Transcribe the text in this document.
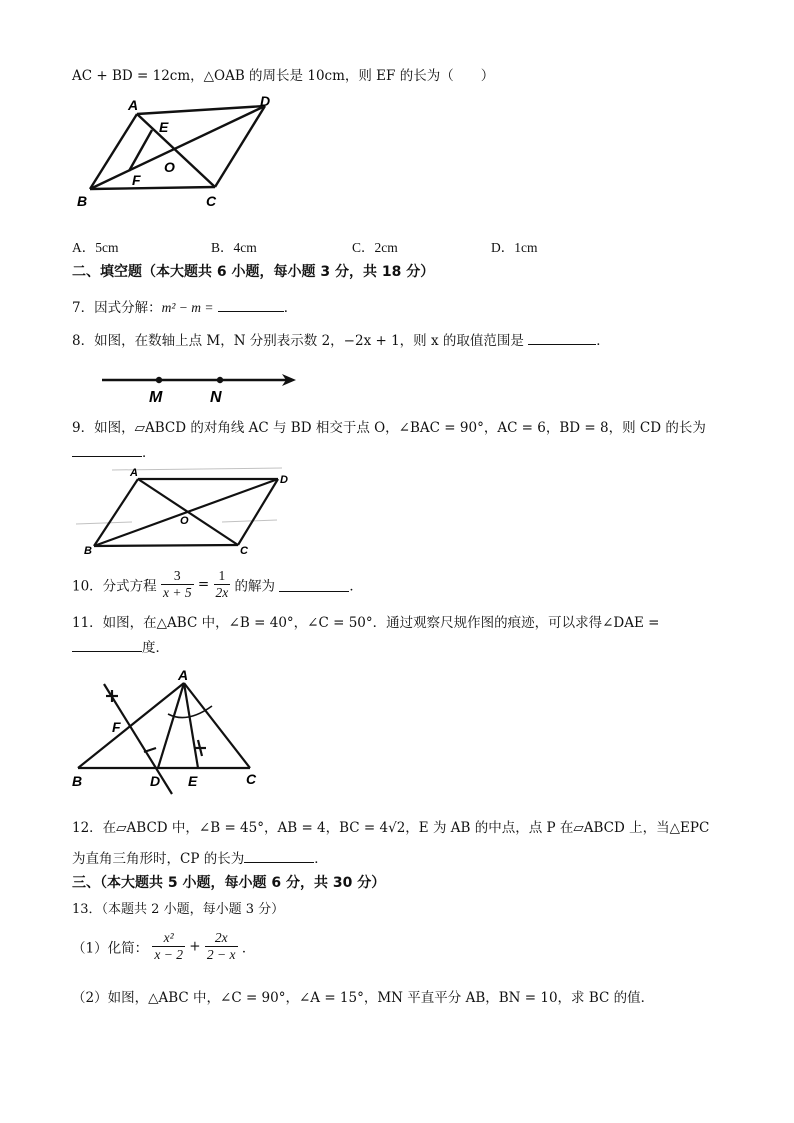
AC + BD = 12cm，△OAB 的周长是 10cm，则 EF 的长为（　　）
A	D
E
O
F
B	C
A．5cm	B．4cm	C．2cm	D．1cm
二、填空题（本大题共 6 小题，每小题 3 分，共 18 分）
7．因式分解：m² − m =	．
8．如图，在数轴上点 M，N 分别表示数 2，−2x + 1，则 x 的取值范围是	．
M	N
9．如图，▱ABCD 的对角线 AC 与 BD 相交于点 O，∠BAC = 90°，AC = 6，BD = 8，则 CD 的长为
．
A
D
O
B	C
10．分式方程 $\frac{3}{x + 5} = \frac{1}{2x}$ 的解为	．
11．如图，在△ABC 中，∠B = 40°，∠C = 50°．通过观察尺规作图的痕迹，可以求得∠DAE =
度．
A
F
B	D E	C
12．在▱ABCD 中，∠B = 45°，AB = 4，BC = 4√2，E 为 AB 的中点，点 P 在▱ABCD 上，当△EPC
为直角三角形时，CP 的长为	．
三、（本大题共 5 小题，每小题 6 分，共 30 分）
13．（本题共 2 小题，每小题 3 分）
（1）化简： $\frac{\text{x²}}{x - 2} + \frac{2x}{2 - x}$ ．
（2）如图，△ABC 中，∠C = 90°，∠A = 15°，MN 平直平分 AB，BN = 10，求 BC 的值．
